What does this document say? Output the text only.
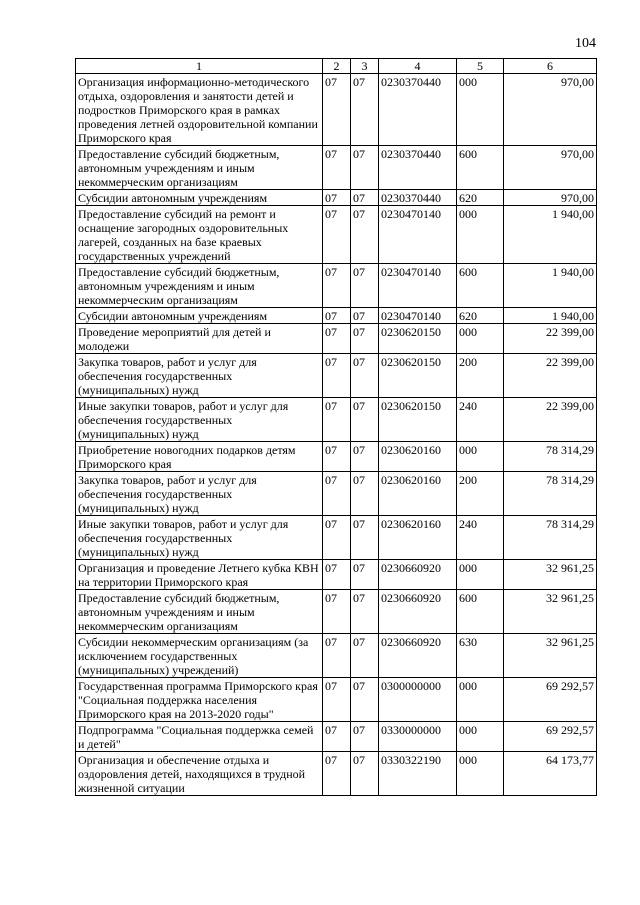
104
1	2	3	4	5	6
Организация информационно-методического отдыха, оздоровления и занятости детей и подростков Приморского края в рамках проведения летней оздоровительной компании Приморского края	07	07	0230370440	000	970,00
Предоставление субсидий бюджетным, автономным учреждениям и иным некоммерческим организациям	07	07	0230370440	600	970,00
Субсидии автономным учреждениям	07	07	0230370440	620	970,00
Предоставление субсидий на ремонт и оснащение загородных оздоровительных лагерей, созданных на базе краевых государственных учреждений	07	07	0230470140	000	1 940,00
Предоставление субсидий бюджетным, автономным учреждениям и иным некоммерческим организациям	07	07	0230470140	600	1 940,00
Субсидии автономным учреждениям	07	07	0230470140	620	1 940,00
Проведение мероприятий для детей и молодежи	07	07	0230620150	000	22 399,00
Закупка товаров, работ и услуг для обеспечения государственных (муниципальных) нужд	07	07	0230620150	200	22 399,00
Иные закупки товаров, работ и услуг для обеспечения государственных (муниципальных) нужд	07	07	0230620150	240	22 399,00
Приобретение новогодних подарков детям Приморского края	07	07	0230620160	000	78 314,29
Закупка товаров, работ и услуг для обеспечения государственных (муниципальных) нужд	07	07	0230620160	200	78 314,29
Иные закупки товаров, работ и услуг для обеспечения государственных (муниципальных) нужд	07	07	0230620160	240	78 314,29
Организация и проведение Летнего кубка КВН на территории Приморского края	07	07	0230660920	000	32 961,25
Предоставление субсидий бюджетным, автономным учреждениям и иным некоммерческим организациям	07	07	0230660920	600	32 961,25
Субсидии некоммерческим организациям (за исключением государственных (муниципальных) учреждений)	07	07	0230660920	630	32 961,25
Государственная программа Приморского края "Социальная поддержка населения Приморского края на 2013-2020 годы"	07	07	0300000000	000	69 292,57
Подпрограмма "Социальная поддержка семей и детей"	07	07	0330000000	000	69 292,57
Организация и обеспечение отдыха и оздоровления детей, находящихся в трудной жизненной ситуации	07	07	0330322190	000	64 173,77
